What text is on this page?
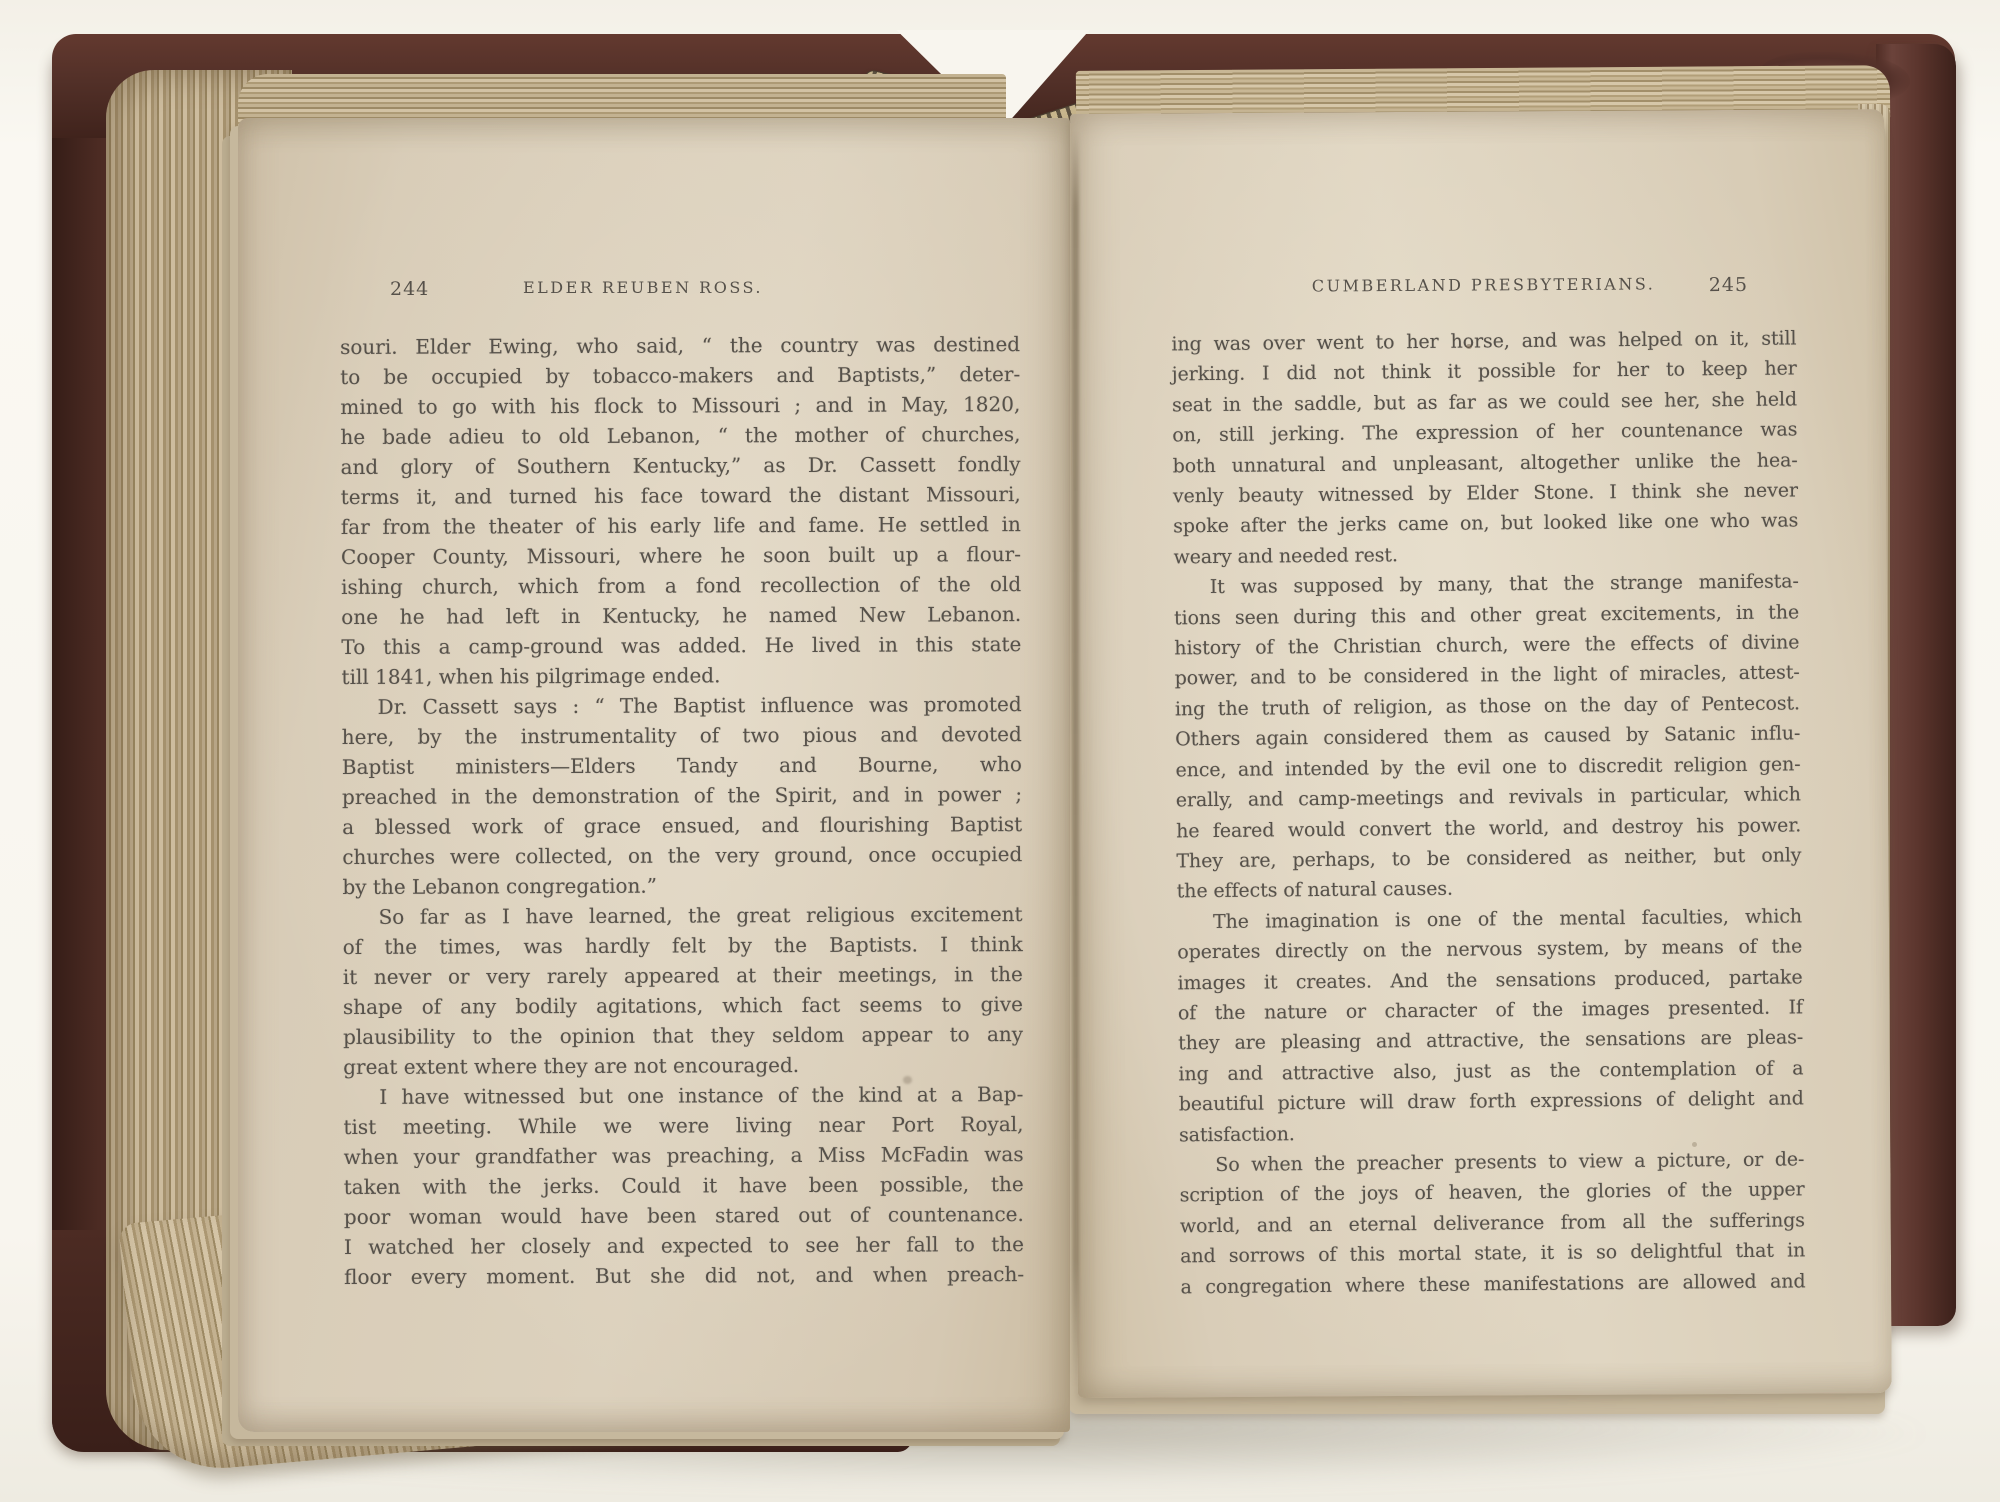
244	ELDER REUBEN ROSS.
souri. Elder Ewing, who said, “ the country was destined
to be occupied by tobacco-makers and Baptists,” deter-
mined to go with his flock to Missouri ; and in May, 1820,
he bade adieu to old Lebanon, “ the mother of churches,
and glory of Southern Kentucky,” as Dr. Cassett fondly
terms it, and turned his face toward the distant Missouri,
far from the theater of his early life and fame. He settled in
Cooper County, Missouri, where he soon built up a flour-
ishing church, which from a fond recollection of the old
one he had left in Kentucky, he named New Lebanon.
To this a camp-ground was added. He lived in this state
till 1841, when his pilgrimage ended.
Dr. Cassett says : “ The Baptist influence was promoted
here, by the instrumentality of two pious and devoted
Baptist ministers—Elders Tandy and Bourne, who
preached in the demonstration of the Spirit, and in power ;
a blessed work of grace ensued, and flourishing Baptist
churches were collected, on the very ground, once occupied
by the Lebanon congregation.”
So far as I have learned, the great religious excitement
of the times, was hardly felt by the Baptists. I think
it never or very rarely appeared at their meetings, in the
shape of any bodily agitations, which fact seems to give
plausibility to the opinion that they seldom appear to any
great extent where they are not encouraged.
I have witnessed but one instance of the kind at a Bap-
tist meeting. While we were living near Port Royal,
when your grandfather was preaching, a Miss McFadin was
taken with the jerks. Could it have been possible, the
poor woman would have been stared out of countenance.
I watched her closely and expected to see her fall to the
floor every moment. But she did not, and when preach-
CUMBERLAND PRESBYTERIANS.	245
ing was over went to her horse, and was helped on it, still
jerking. I did not think it possible for her to keep her
seat in the saddle, but as far as we could see her, she held
on, still jerking. The expression of her countenance was
both unnatural and unpleasant, altogether unlike the hea-
venly beauty witnessed by Elder Stone. I think she never
spoke after the jerks came on, but looked like one who was
weary and needed rest.
It was supposed by many, that the strange manifesta-
tions seen during this and other great excitements, in the
history of the Christian church, were the effects of divine
power, and to be considered in the light of miracles, attest-
ing the truth of religion, as those on the day of Pentecost.
Others again considered them as caused by Satanic influ-
ence, and intended by the evil one to discredit religion gen-
erally, and camp-meetings and revivals in particular, which
he feared would convert the world, and destroy his power.
They are, perhaps, to be considered as neither, but only
the effects of natural causes.
The imagination is one of the mental faculties, which
operates directly on the nervous system, by means of the
images it creates. And the sensations produced, partake
of the nature or character of the images presented. If
they are pleasing and attractive, the sensations are pleas-
ing and attractive also, just as the contemplation of a
beautiful picture will draw forth expressions of delight and
satisfaction.
So when the preacher presents to view a picture, or de-
scription of the joys of heaven, the glories of the upper
world, and an eternal deliverance from all the sufferings
and sorrows of this mortal state, it is so delightful that in
a congregation where these manifestations are allowed and
